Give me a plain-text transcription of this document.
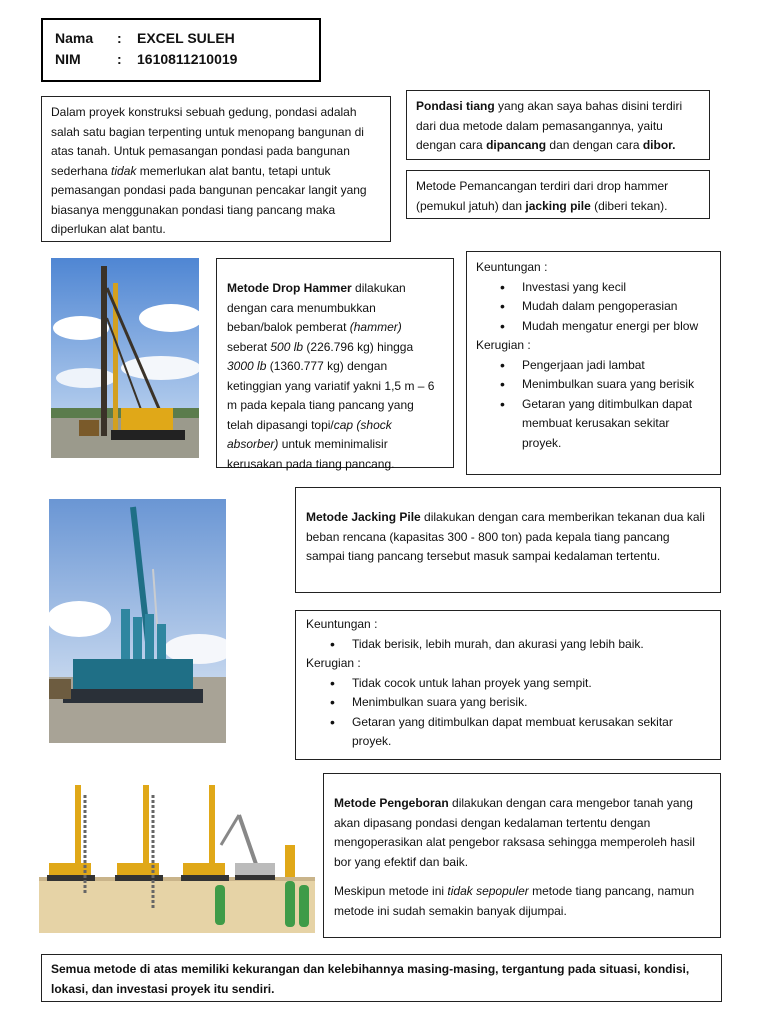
Nama	:	EXCEL SULEH
NIM	:	1610811210019
Dalam proyek konstruksi sebuah gedung, pondasi adalah salah satu bagian terpenting untuk menopang bangunan di atas tanah. Untuk pemasangan pondasi pada bangunan sederhana tidak memerlukan alat bantu, tetapi untuk pemasangan pondasi pada bangunan pencakar langit yang biasanya menggunakan pondasi tiang pancang maka diperlukan alat bantu.
Pondasi tiang yang akan saya bahas disini terdiri dari dua metode dalam pemasangannya, yaitu dengan cara dipancang dan dengan cara dibor.
Metode Pemancangan terdiri dari drop hammer (pemukul jatuh) dan jacking pile (diberi tekan).
Metode Drop Hammer dilakukan dengan cara menumbukkan beban/balok pemberat (hammer) seberat 500 lb (226.796 kg) hingga 3000 lb (1360.777 kg) dengan ketinggian yang variatif yakni 1,5 m – 6 m pada kepala tiang pancang yang telah dipasangi topi/cap (shock absorber) untuk meminimalisir kerusakan pada tiang pancang.
Keuntungan :
• Investasi yang kecil
• Mudah dalam pengoperasian
• Mudah mengatur energi per blow
Kerugian :
• Pengerjaan jadi lambat
• Menimbulkan suara yang berisik
• Getaran yang ditimbulkan dapat membuat kerusakan sekitar proyek.
Metode Jacking Pile dilakukan dengan cara memberikan tekanan dua kali beban rencana (kapasitas 300 - 800 ton) pada kepala tiang pancang sampai tiang pancang tersebut masuk sampai kedalaman tertentu.
Keuntungan :
• Tidak berisik, lebih murah, dan akurasi yang lebih baik.
Kerugian :
• Tidak cocok untuk lahan proyek yang sempit.
• Menimbulkan suara yang berisik.
• Getaran yang ditimbulkan dapat membuat kerusakan sekitar proyek.
Metode Pengeboran dilakukan dengan cara mengebor tanah yang akan dipasang pondasi dengan kedalaman tertentu dengan mengoperasikan alat pengebor raksasa sehingga memperoleh hasil bor yang efektif dan baik.
Meskipun metode ini tidak sepopuler metode tiang pancang, namun metode ini sudah semakin banyak dijumpai.
Semua metode di atas memiliki kekurangan dan kelebihannya masing-masing, tergantung pada situasi, kondisi, lokasi, dan investasi proyek itu sendiri.
